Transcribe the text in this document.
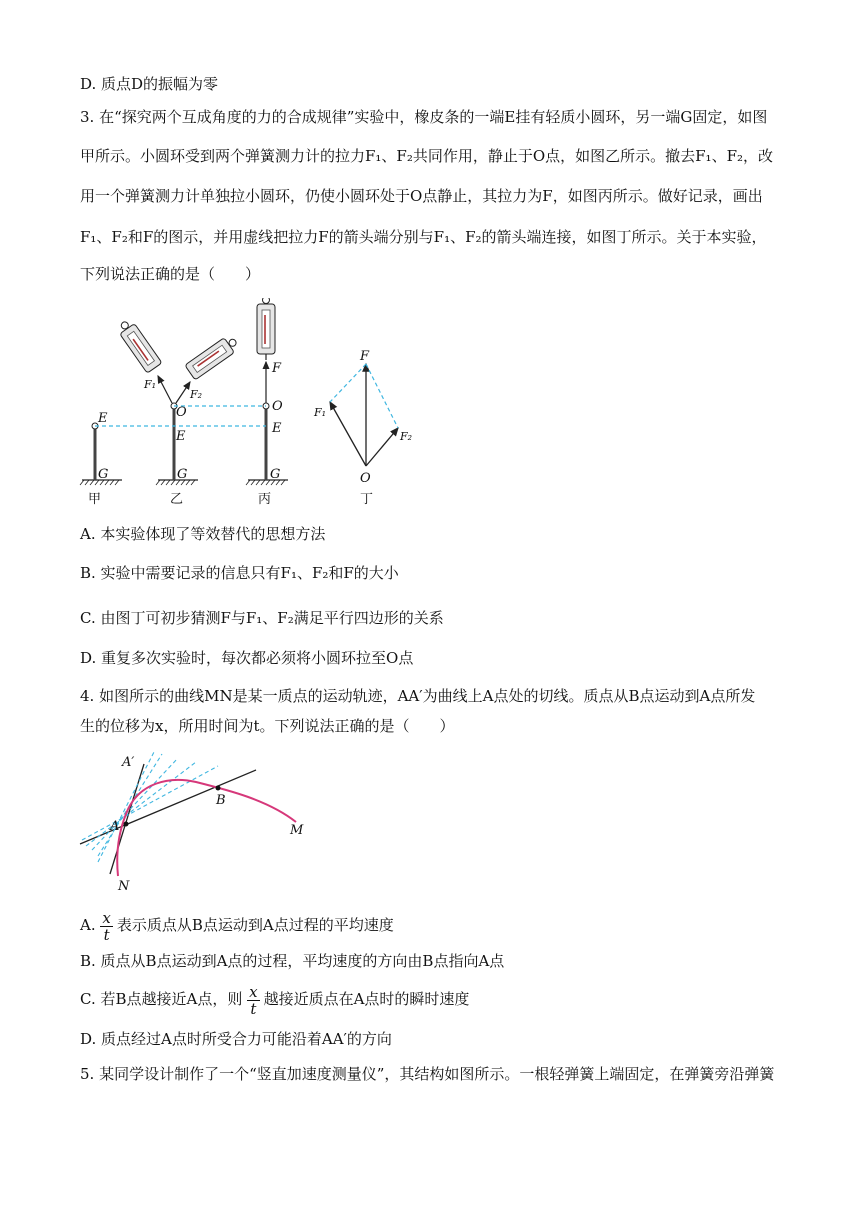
D. 质点D的振幅为零
3. 在“探究两个互成角度的力的合成规律”实验中，橡皮条的一端E挂有轻质小圆环，另一端G固定，如图
甲所示。小圆环受到两个弹簧测力计的拉力F₁、F₂共同作用，静止于O点，如图乙所示。撤去F₁、F₂，改
用一个弹簧测力计单独拉小圆环，仍使小圆环处于O点静止，其拉力为F，如图丙所示。做好记录，画出
F₁、F₂和F的图示，并用虚线把拉力F的箭头端分别与F₁、F₂的箭头端连接，如图丁所示。关于本实验，
下列说法正确的是（　　）
E
G
F₁
F₂
O
E
G
F
O
E
G
F
F₁
F₂
O
甲	乙	丙	丁
A. 本实验体现了等效替代的思想方法
B. 实验中需要记录的信息只有F₁、F₂和F的大小
C. 由图丁可初步猜测F与F₁、F₂满足平行四边形的关系
D. 重复多次实验时，每次都必须将小圆环拉至O点
4. 如图所示的曲线MN是某一质点的运动轨迹，AA′为曲线上A点处的切线。质点从B点运动到A点所发
生的位移为x，所用时间为t。下列说法正确的是（　　）
A′
A
B
M
N
A. $\frac{x}{t}$ 表示质点从B点运动到A点过程的平均速度
B. 质点从B点运动到A点的过程，平均速度的方向由B点指向A点
C. 若B点越接近A点，则 $\frac{x}{t}$ 越接近质点在A点时的瞬时速度
D. 质点经过A点时所受合力可能沿着AA′的方向
5. 某同学设计制作了一个“竖直加速度测量仪”，其结构如图所示。一根轻弹簧上端固定，在弹簧旁沿弹簧
